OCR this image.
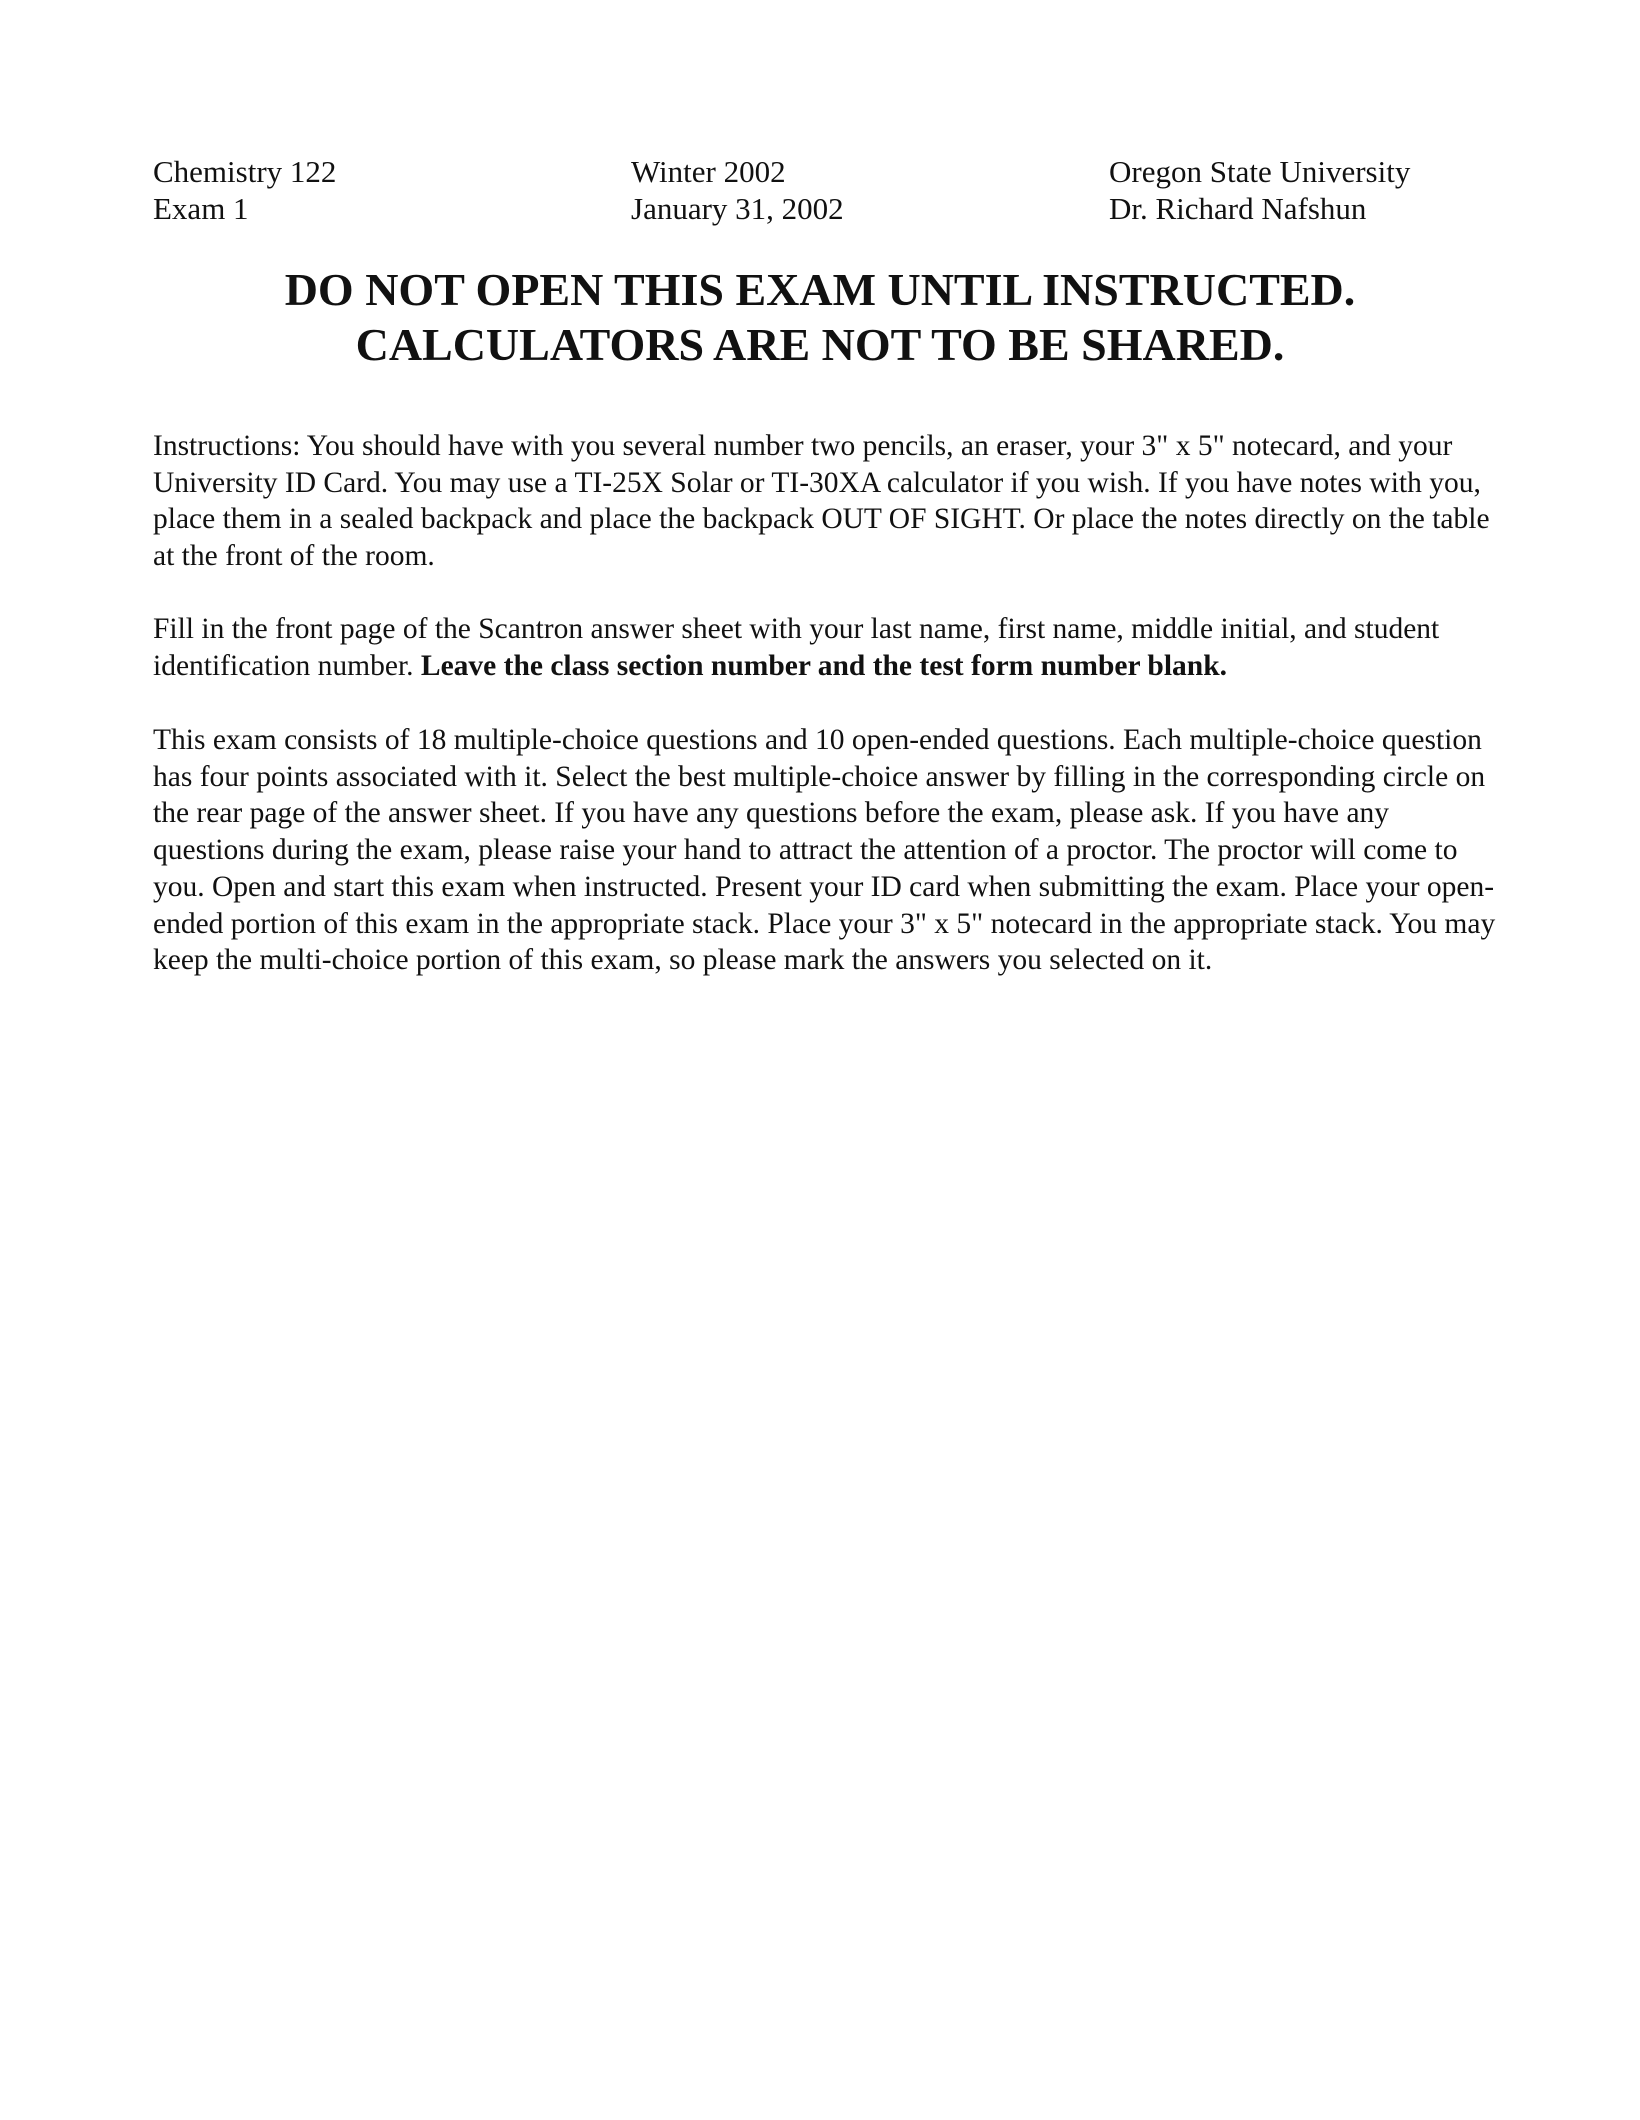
Chemistry 122
Exam 1
Winter 2002
January 31, 2002
Oregon State University
Dr. Richard Nafshun
DO NOT OPEN THIS EXAM UNTIL INSTRUCTED.
CALCULATORS ARE NOT TO BE SHARED.

Instructions: You should have with you several number two pencils, an eraser, your 3" x 5" notecard, and your University ID Card. You may use a TI-25X Solar or TI-30XA calculator if you wish. If you have notes with you, place them in a sealed backpack and place the backpack OUT OF SIGHT. Or place the notes directly on the table at the front of the room.

Fill in the front page of the Scantron answer sheet with your last name, first name, middle initial, and student identification number. Leave the class section number and the test form number blank.

This exam consists of 18 multiple-choice questions and 10 open-ended questions. Each multiple-choice question has four points associated with it. Select the best multiple-choice answer by filling in the corresponding circle on the rear page of the answer sheet. If you have any questions before the exam, please ask. If you have any questions during the exam, please raise your hand to attract the attention of a proctor. The proctor will come to you. Open and start this exam when instructed. Present your ID card when submitting the exam. Place your open-ended portion of this exam in the appropriate stack. Place your 3" x 5" notecard in the appropriate stack. You may keep the multi-choice portion of this exam, so please mark the answers you selected on it.
